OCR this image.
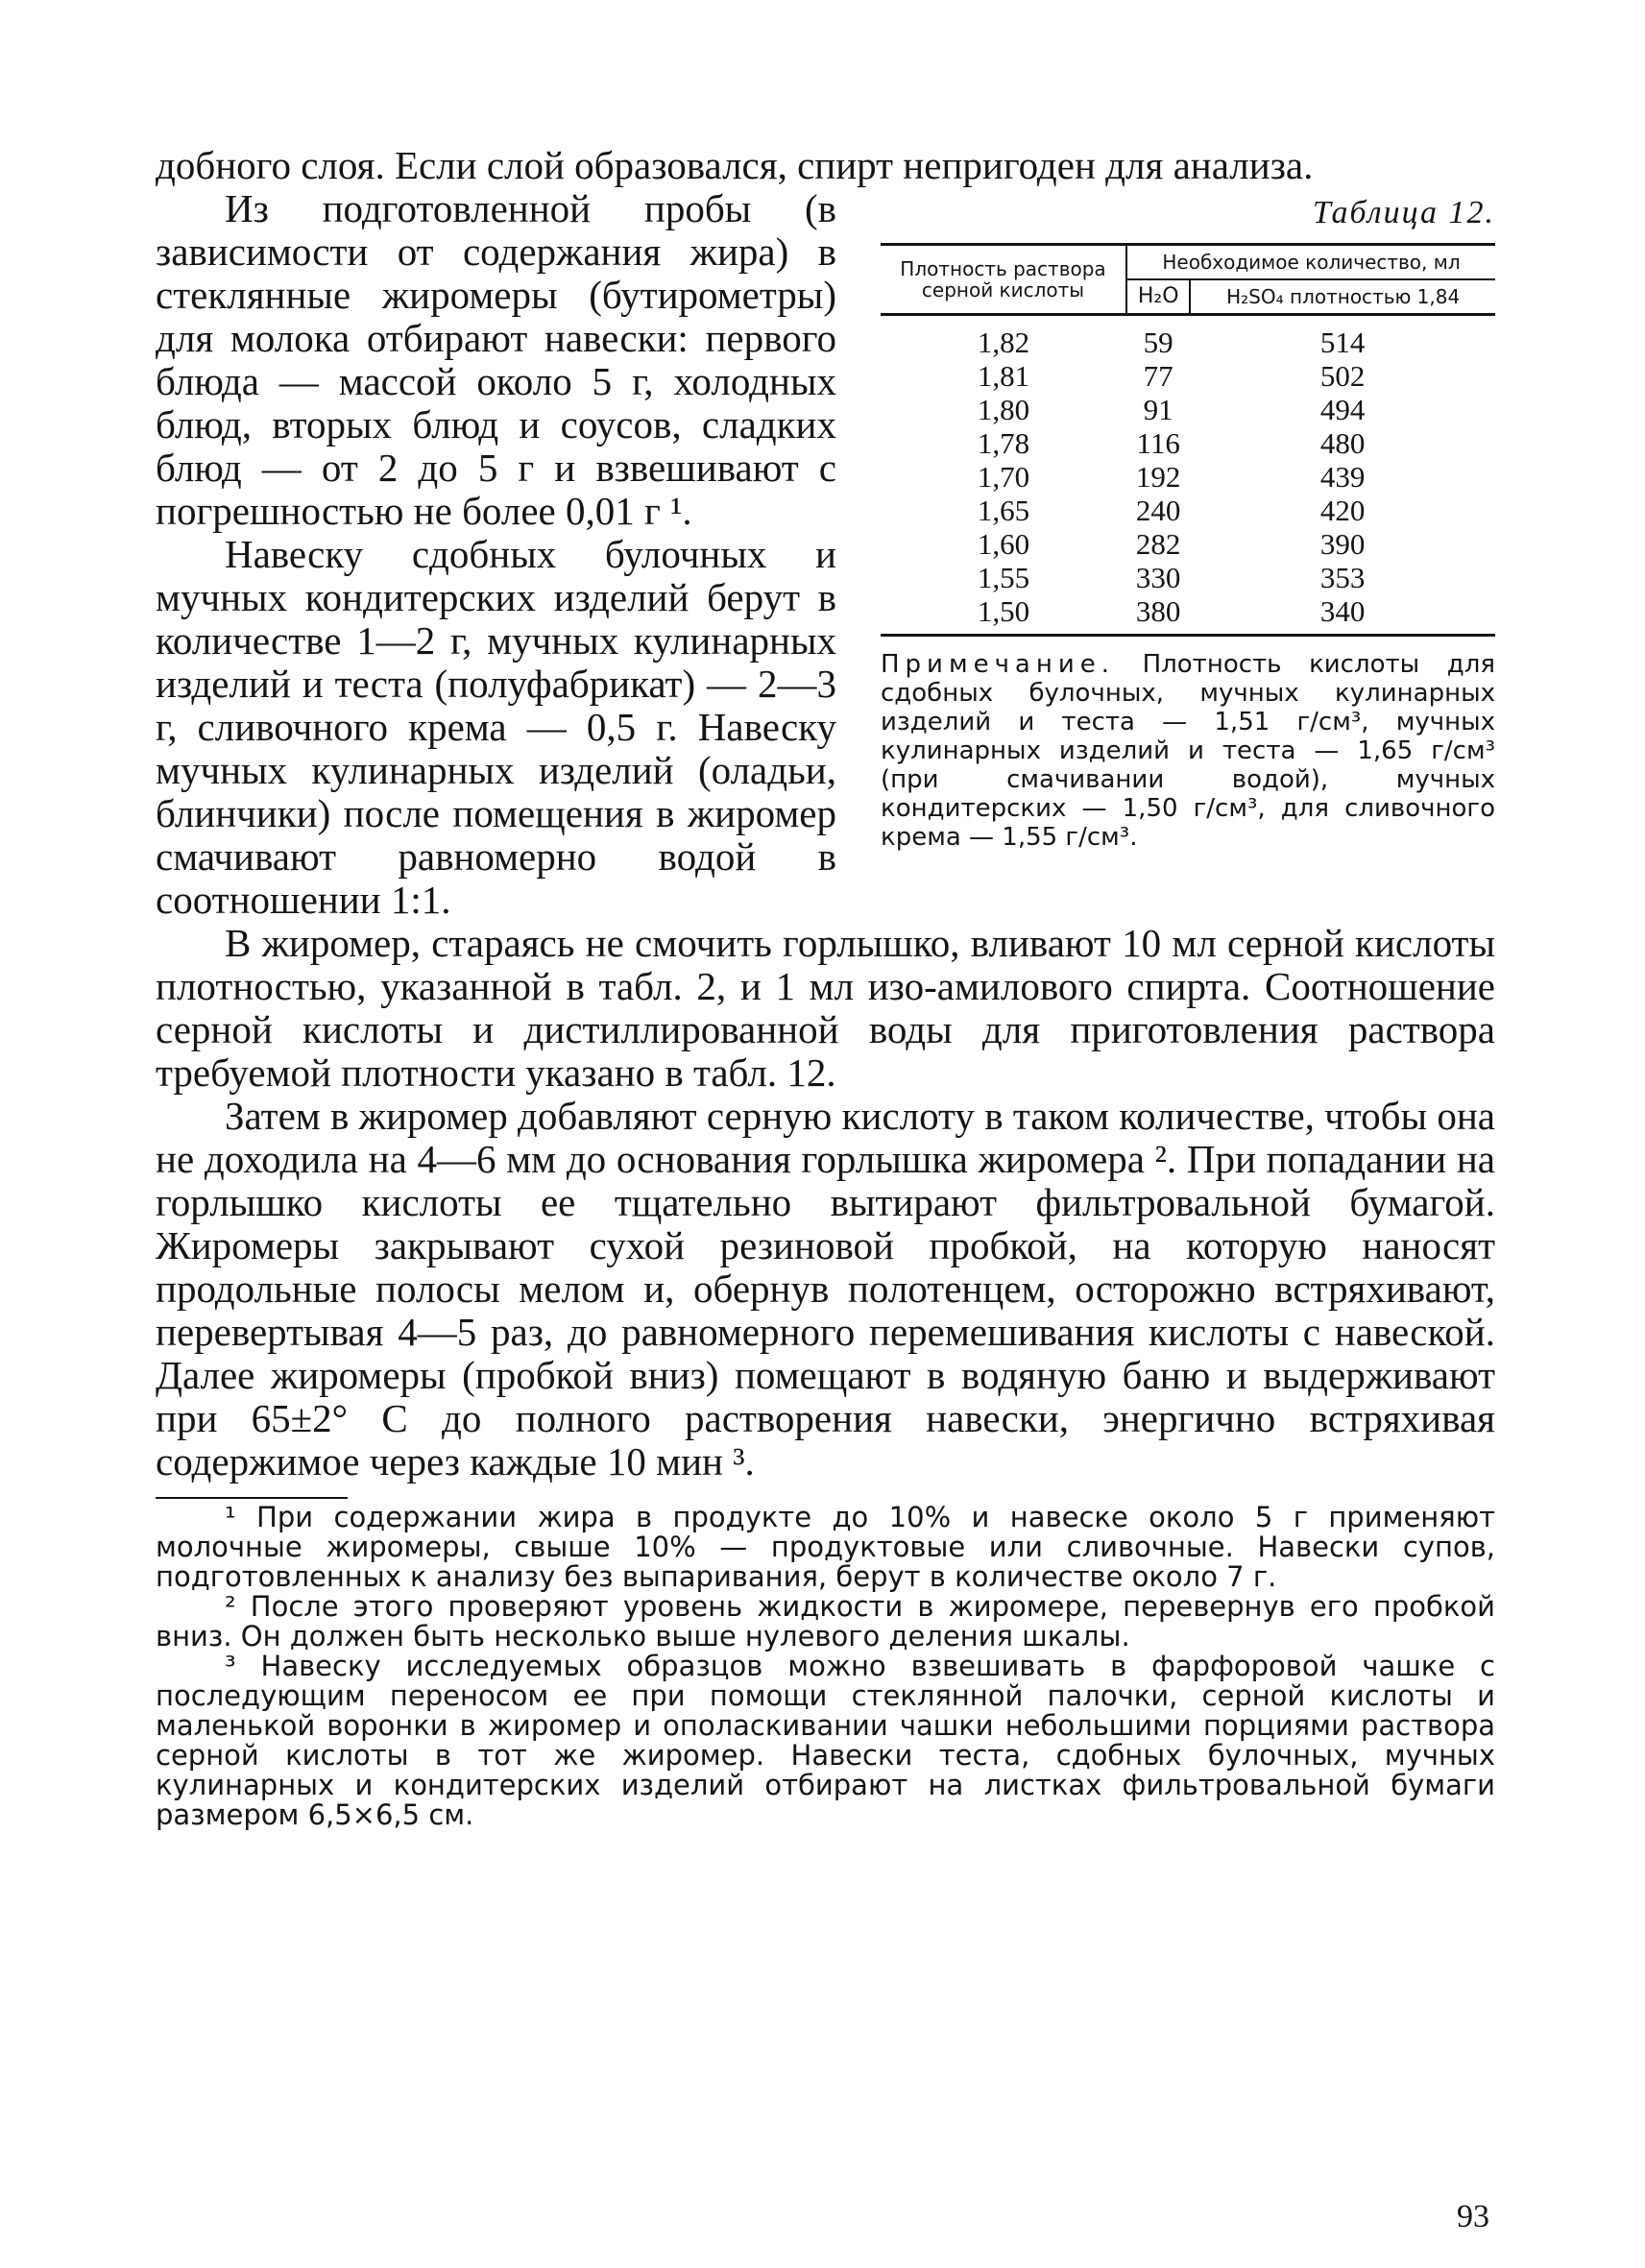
добного слоя. Если слой образовался, спирт непригоден для анализа.

Таблица 12.
Плотность раствора серной кислоты	Необходимое количество, мл	
	H₂O	H₂SO₄ плотностью 1,84
1,82	59	514
1,81	77	502
1,80	91	494
1,78	116	480
1,70	192	439
1,65	240	420
1,60	282	390
1,55	330	353
1,50	380	340

Примечание. Плотность кислоты для сдобных булочных, мучных кулинарных изделий и теста — 1,51 г/см³, мучных кулинарных изделий и теста — 1,65 г/см³ (при смачивании водой), мучных кондитерских — 1,50 г/см³, для сливочного крема — 1,55 г/см³.

Из подготовленной пробы (в зависимости от содержания жира) в стеклянные жиромеры (бутирометры) для молока отбирают навески: первого блюда — массой около 5 г, холодных блюд, вторых блюд и соусов, сладких блюд — от 2 до 5 г и взвешивают с погрешностью не более 0,01 г ¹.

Навеску сдобных булочных и мучных кондитерских изделий берут в количестве 1—2 г, мучных кулинарных изделий и теста (полуфабрикат) — 2—3 г, сливочного крема — 0,5 г. Навеску мучных кулинарных изделий (оладьи, блинчики) после помещения в жиромер смачивают равномерно водой в соотношении 1:1.

В жиромер, стараясь не смочить горлышко, вливают 10 мл серной кислоты плотностью, указанной в табл. 2, и 1 мл изо-амилового спирта. Соотношение серной кислоты и дистиллированной воды для приготовления раствора требуемой плотности указано в табл. 12.

Затем в жиромер добавляют серную кислоту в таком количестве, чтобы она не доходила на 4—6 мм до основания горлышка жиромера ². При попадании на горлышко кислоты ее тщательно вытирают фильтровальной бумагой. Жиромеры закрывают сухой резиновой пробкой, на которую наносят продольные полосы мелом и, обернув полотенцем, осторожно встряхивают, перевертывая 4—5 раз, до равномерного перемешивания кислоты с навеской. Далее жиромеры (пробкой вниз) помещают в водяную баню и выдерживают при 65±2° С до полного растворения навески, энергично встряхивая содержимое через каждые 10 мин ³.

¹ При содержании жира в продукте до 10% и навеске около 5 г применяют молочные жиромеры, свыше 10% — продуктовые или сливочные. Навески супов, подготовленных к анализу без выпаривания, берут в количестве около 7 г.

² После этого проверяют уровень жидкости в жиромере, перевернув его пробкой вниз. Он должен быть несколько выше нулевого деления шкалы.

³ Навеску исследуемых образцов можно взвешивать в фарфоровой чашке с последующим переносом ее при помощи стеклянной палочки, серной кислоты и маленькой воронки в жиромер и ополаскивании чашки небольшими порциями раствора серной кислоты в тот же жиромер. Навески теста, сдобных булочных, мучных кулинарных и кондитерских изделий отбирают на листках фильтровальной бумаги размером 6,5×6,5 см.

93
